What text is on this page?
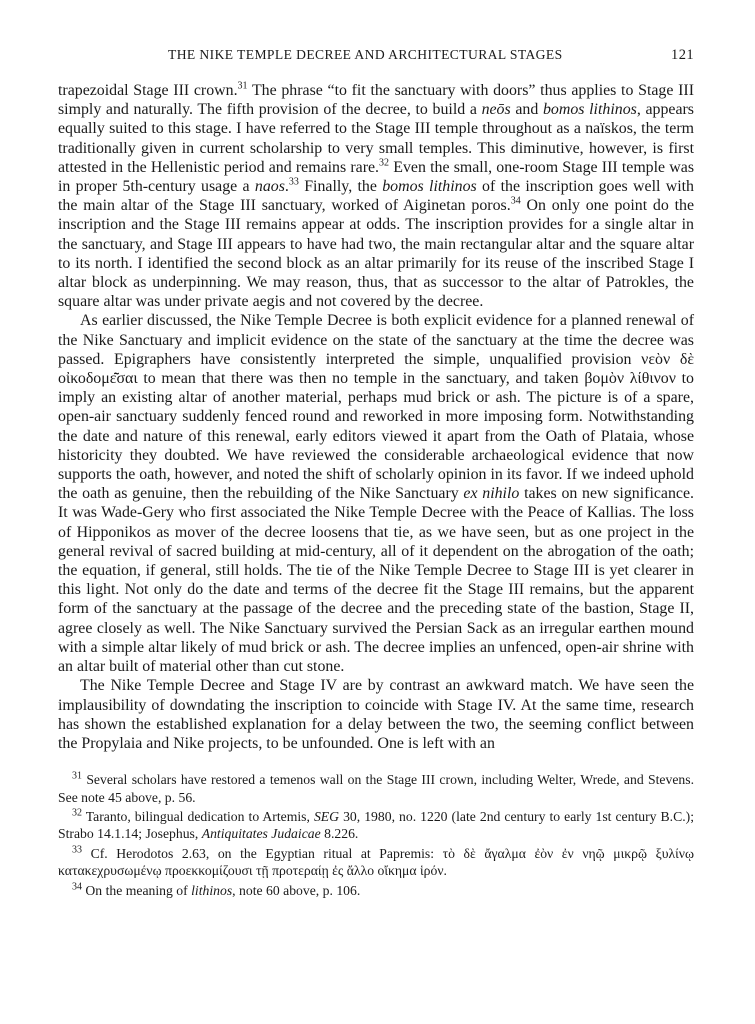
THE NIKE TEMPLE DECREE AND ARCHITECTURAL STAGES	121

trapezoidal Stage III crown.$^{31}$ The phrase “to fit the sanctuary with doors” thus applies to Stage III simply and naturally. The fifth provision of the decree, to build a neōs and bomos lithinos, appears equally suited to this stage. I have referred to the Stage III temple throughout as a naïskos, the term traditionally given in current scholarship to very small temples. This diminutive, however, is first attested in the Hellenistic period and remains rare.$^{32}$ Even the small, one-room Stage III temple was in proper 5th-century usage a naos.$^{33}$ Finally, the bomos lithinos of the inscription goes well with the main altar of the Stage III sanctuary, worked of Aiginetan poros.$^{34}$ On only one point do the inscription and the Stage III remains appear at odds. The inscription provides for a single altar in the sanctuary, and Stage III appears to have had two, the main rectangular altar and the square altar to its north. I identified the second block as an altar primarily for its reuse of the inscribed Stage I altar block as underpinning. We may reason, thus, that as successor to the altar of Patrokles, the square altar was under private aegis and not covered by the decree.

As earlier discussed, the Nike Temple Decree is both explicit evidence for a planned renewal of the Nike Sanctuary and implicit evidence on the state of the sanctuary at the time the decree was passed. Epigraphers have consistently interpreted the simple, unqualified provision νεὸν δὲ οἰκοδομε̄͂σαι to mean that there was then no temple in the sanctuary, and taken βομὸν λίθινον to imply an existing altar of another material, perhaps mud brick or ash. The picture is of a spare, open-air sanctuary suddenly fenced round and reworked in more imposing form. Notwithstanding the date and nature of this renewal, early editors viewed it apart from the Oath of Plataia, whose historicity they doubted. We have reviewed the considerable archaeological evidence that now supports the oath, however, and noted the shift of scholarly opinion in its favor. If we indeed uphold the oath as genuine, then the rebuilding of the Nike Sanctuary ex nihilo takes on new significance. It was Wade-Gery who first associated the Nike Temple Decree with the Peace of Kallias. The loss of Hipponikos as mover of the decree loosens that tie, as we have seen, but as one project in the general revival of sacred building at mid-century, all of it dependent on the abrogation of the oath; the equation, if general, still holds. The tie of the Nike Temple Decree to Stage III is yet clearer in this light. Not only do the date and terms of the decree fit the Stage III remains, but the apparent form of the sanctuary at the passage of the decree and the preceding state of the bastion, Stage II, agree closely as well. The Nike Sanctuary survived the Persian Sack as an irregular earthen mound with a simple altar likely of mud brick or ash. The decree implies an unfenced, open-air shrine with an altar built of material other than cut stone.

The Nike Temple Decree and Stage IV are by contrast an awkward match. We have seen the implausibility of downdating the inscription to coincide with Stage IV. At the same time, research has shown the established explanation for a delay between the two, the seeming conflict between the Propylaia and Nike projects, to be unfounded. One is left with an

$^{31}$ Several scholars have restored a temenos wall on the Stage III crown, including Welter, Wrede, and Stevens. See note 45 above, p. 56.

$^{32}$ Taranto, bilingual dedication to Artemis, SEG 30, 1980, no. 1220 (late 2nd century to early 1st century B.C.); Strabo 14.1.14; Josephus, Antiquitates Judaicae 8.226.

$^{33}$ Cf. Herodotos 2.63, on the Egyptian ritual at Papremis: τὸ δὲ ἄγαλμα ἐὸν ἐν νηῷ μικρῷ ξυλίνῳ κατακεχρυσωμένῳ προεκκομίζουσι τῇ προτεραίῃ ἐς ἄλλο οἴκημα ἱρόν.

$^{34}$ On the meaning of lithinos, note 60 above, p. 106.
